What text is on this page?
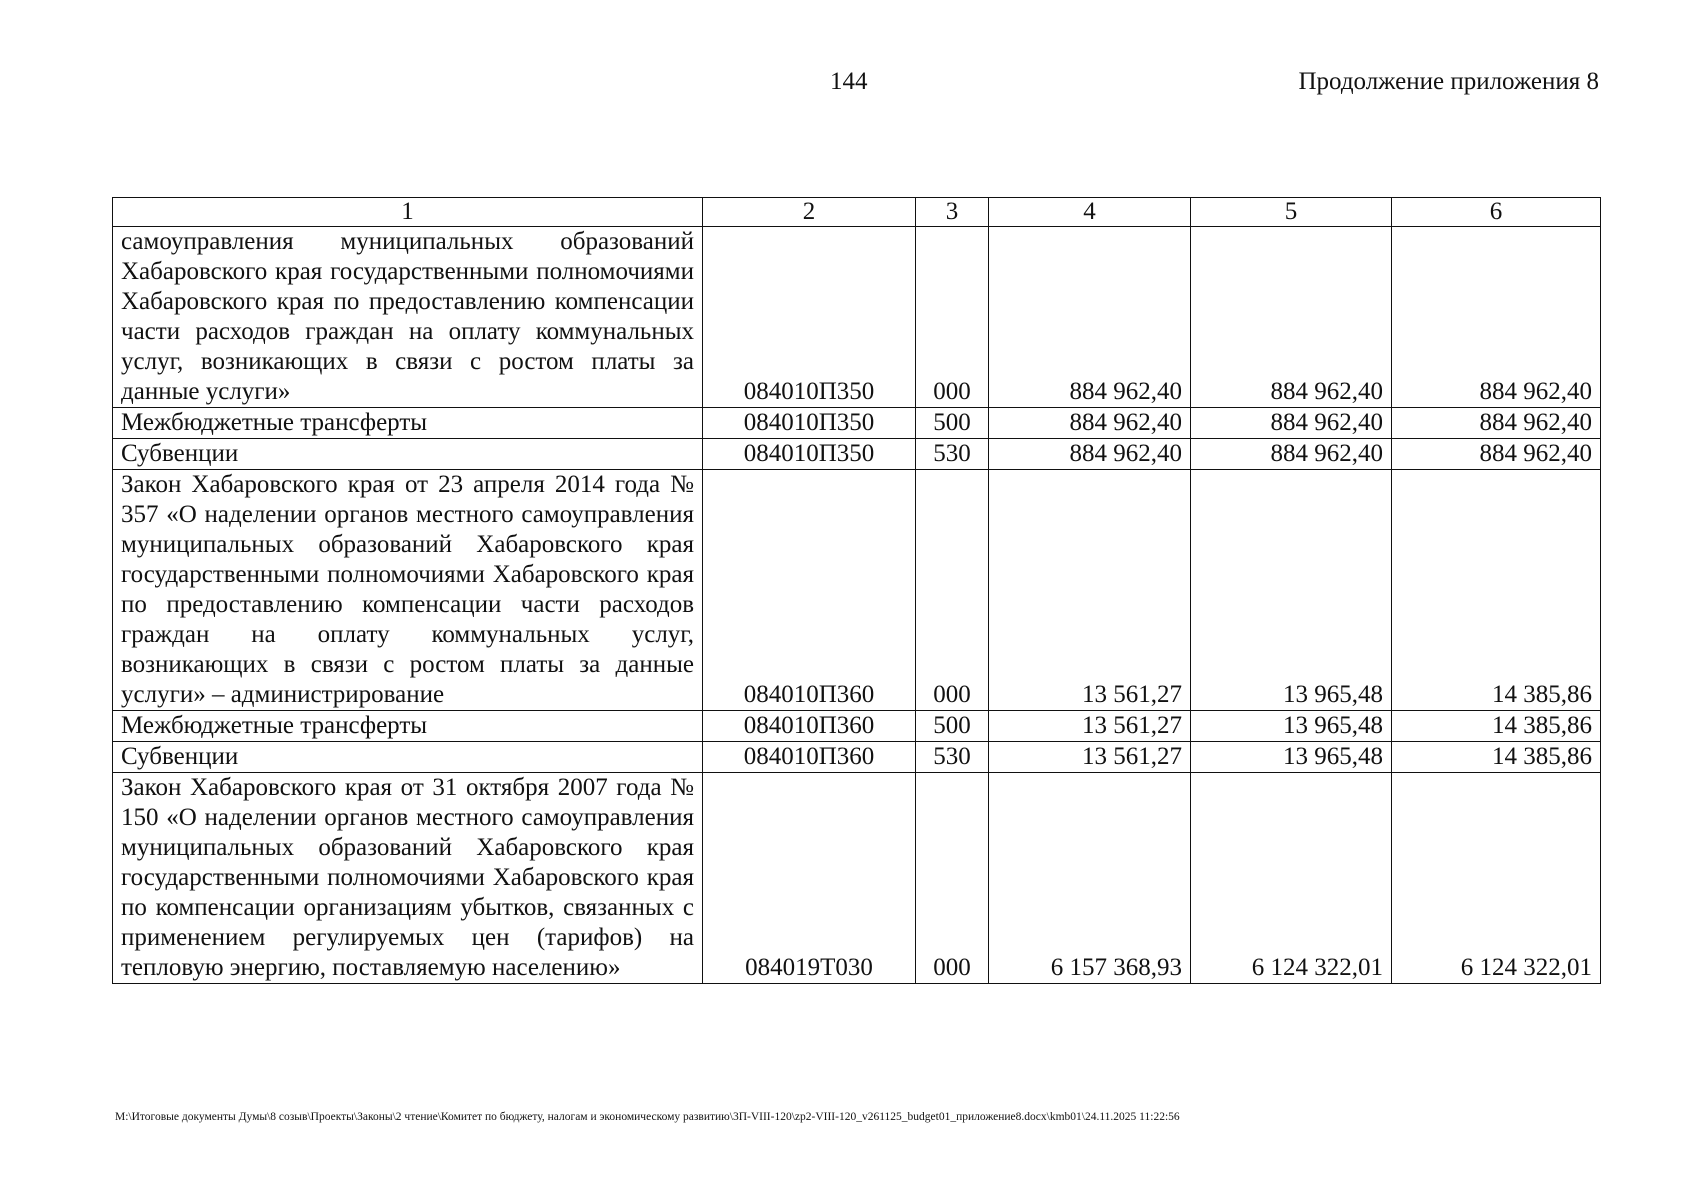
144	Продолжение приложения 8
1	2	3	4	5	6
самоуправления муниципальных образований Хабаровского края государственными полномочиями Хабаровского края по предоставлению компенсации части расходов граждан на оплату коммунальных услуг, возникающих в связи с ростом платы за данные услуги»	084010П350	000	884 962,40	884 962,40	884 962,40
Межбюджетные трансферты	084010П350	500	884 962,40	884 962,40	884 962,40
Субвенции	084010П350	530	884 962,40	884 962,40	884 962,40
Закон Хабаровского края от 23 апреля 2014 года № 357 «О наделении органов местного самоуправления муниципальных образований Хабаровского края государственными полномочиями Хабаровского края по предоставлению компенсации части расходов граждан на оплату коммунальных услуг, возникающих в связи с ростом платы за данные услуги» – администрирование	084010П360	000	13 561,27	13 965,48	14 385,86
Межбюджетные трансферты	084010П360	500	13 561,27	13 965,48	14 385,86
Субвенции	084010П360	530	13 561,27	13 965,48	14 385,86
Закон Хабаровского края от 31 октября 2007 года № 150 «О наделении органов местного самоуправления муниципальных образований Хабаровского края государственными полномочиями Хабаровского края по компенсации организациям убытков, связанных с применением регулируемых цен (тарифов) на тепловую энергию, поставляемую населению»	084019Т030	000	6 157 368,93	6 124 322,01	6 124 322,01
M:\Итоговые документы Думы\8 созыв\Проекты\Законы\2 чтение\Комитет по бюджету, налогам и экономическому развитию\3П-VIII-120\zp2-VIII-120_v261125_budget01_приложение8.docx\kmb01\24.11.2025 11:22:56
